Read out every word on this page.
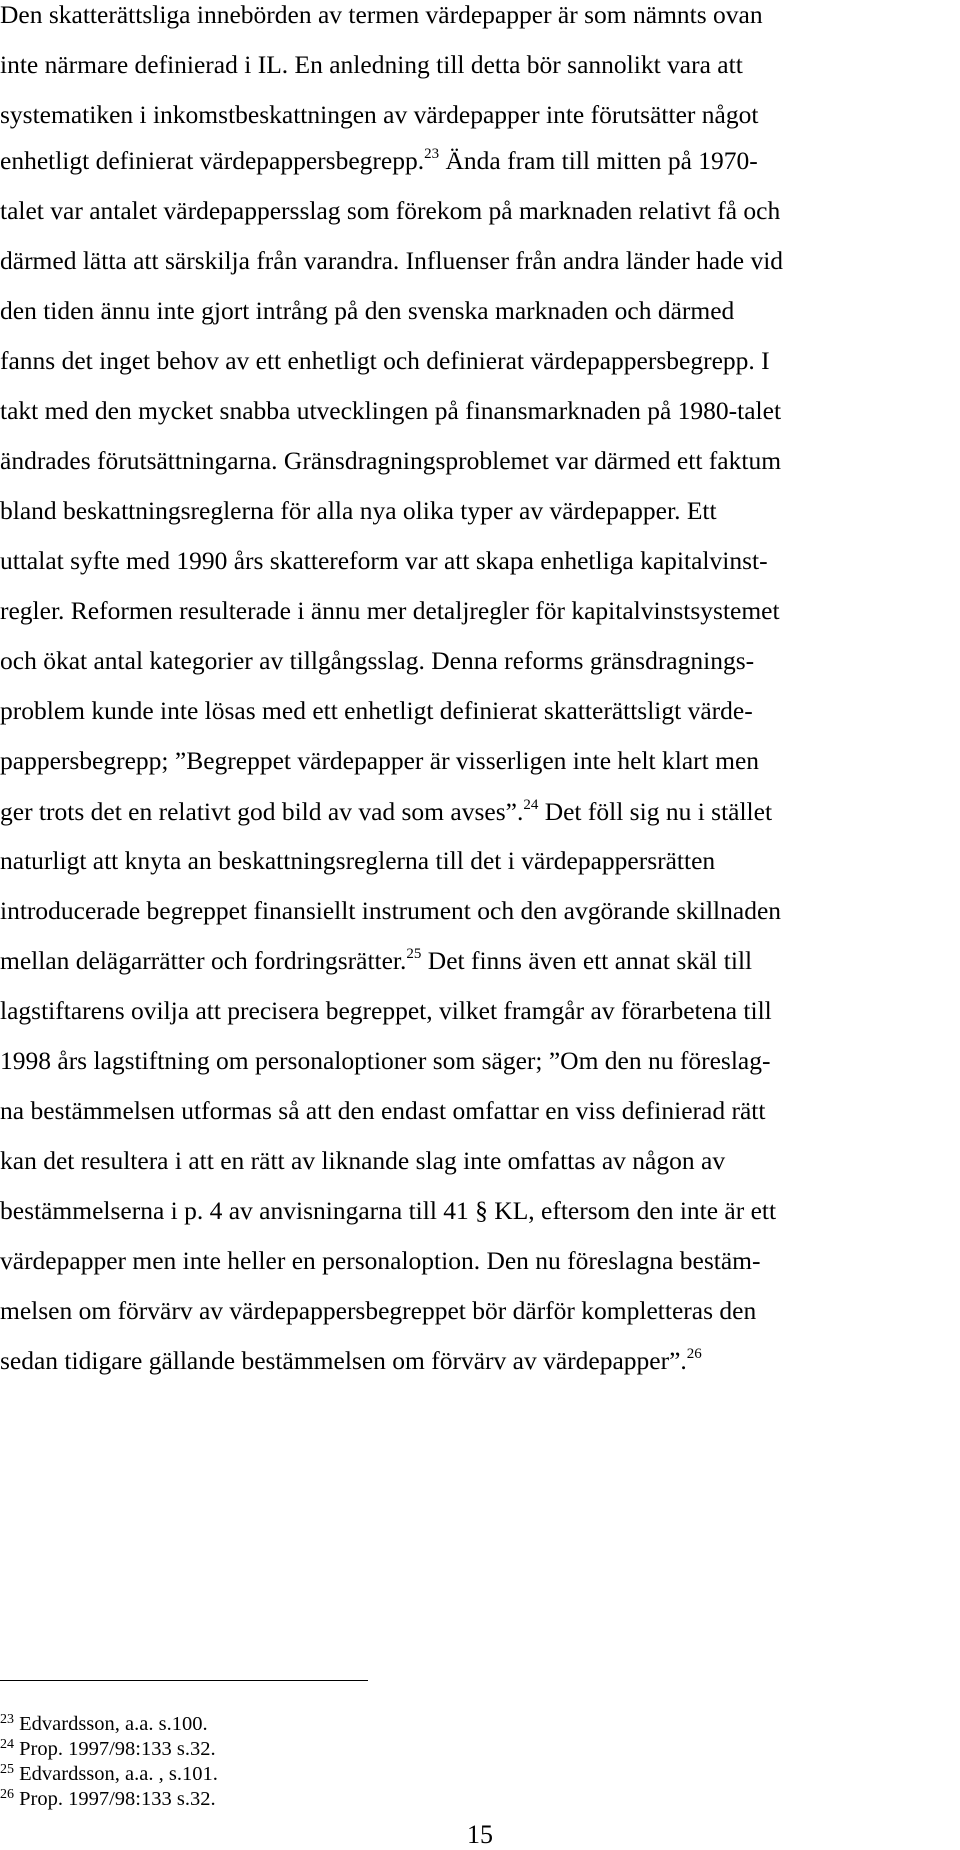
Den skatterättsliga innebörden av termen värdepapper är som nämnts ovan
inte närmare definierad i IL. En anledning till detta bör sannolikt vara att
systematiken i inkomstbeskattningen av värdepapper inte förutsätter något
enhetligt definierat värdepappersbegrepp.$^{23}$ Ända fram till mitten på 1970-
talet var antalet värdepappersslag som förekom på marknaden relativt få och
därmed lätta att särskilja från varandra. Influenser från andra länder hade vid
den tiden ännu inte gjort intrång på den svenska marknaden och därmed
fanns det inget behov av ett enhetligt och definierat värdepappersbegrepp. I
takt med den mycket snabba utvecklingen på finansmarknaden på 1980-talet
ändrades förutsättningarna. Gränsdragningsproblemet var därmed ett faktum
bland beskattningsreglerna för alla nya olika typer av värdepapper. Ett
uttalat syfte med 1990 års skattereform var att skapa enhetliga kapitalvinst-
regler. Reformen resulterade i ännu mer detaljregler för kapitalvinstsystemet
och ökat antal kategorier av tillgångsslag. Denna reforms gränsdragnings-
problem kunde inte lösas med ett enhetligt definierat skatterättsligt värde-
pappersbegrepp; ”Begreppet värdepapper är visserligen inte helt klart men
ger trots det en relativt god bild av vad som avses”.$^{24}$ Det föll sig nu i stället
naturligt att knyta an beskattningsreglerna till det i värdepappersrätten
introducerade begreppet finansiellt instrument och den avgörande skillnaden
mellan delägarrätter och fordringsrätter.$^{25}$ Det finns även ett annat skäl till
lagstiftarens ovilja att precisera begreppet, vilket framgår av förarbetena till
1998 års lagstiftning om personaloptioner som säger; ”Om den nu föreslag-
na bestämmelsen utformas så att den endast omfattar en viss definierad rätt
kan det resultera i att en rätt av liknande slag inte omfattas av någon av
bestämmelserna i p. 4 av anvisningarna till 41 § KL, eftersom den inte är ett
värdepapper men inte heller en personaloption. Den nu föreslagna bestäm-
melsen om förvärv av värdepappersbegreppet bör därför kompletteras den
sedan tidigare gällande bestämmelsen om förvärv av värdepapper”.$^{26}$
$^{23}$ Edvardsson, a.a. s.100.
$^{24}$ Prop. 1997/98:133 s.32.
$^{25}$ Edvardsson, a.a. , s.101.
$^{26}$ Prop. 1997/98:133 s.32.
15
